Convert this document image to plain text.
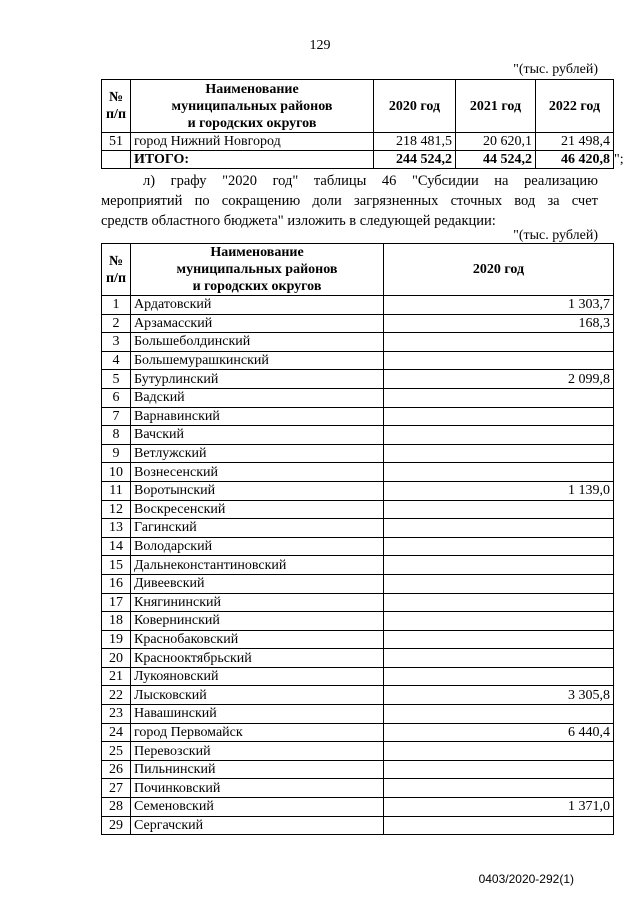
129
"(тыс. рублей)
№
п/п	Наименование
муниципальных районов
и городских округов	2020 год	2021 год	2022 год
51	город Нижний Новгород	218 481,5	20 620,1	21 498,4
	ИТОГО:	244 524,2	44 524,2	46 420,8 ";
л) графу "2020 год" таблицы 46 "Субсидии на реализацию
мероприятий по сокращению доли загрязненных сточных вод за счет
средств областного бюджета" изложить в следующей редакции:
"(тыс. рублей)
№
п/п	Наименование
муниципальных районов
и городских округов	2020 год
1	Ардатовский	1 303,7
2	Арзамасский	168,3
3	Большеболдинский	
4	Большемурашкинский	
5	Бутурлинский	2 099,8
6	Вадский	
7	Варнавинский	
8	Вачский	
9	Ветлужский	
10	Вознесенский	
11	Воротынский	1 139,0
12	Воскресенский	
13	Гагинский	
14	Володарский	
15	Дальнеконстантиновский	
16	Дивеевский	
17	Княгининский	
18	Ковернинский	
19	Краснобаковский	
20	Краснооктябрьский	
21	Лукояновский	
22	Лысковский	3 305,8
23	Навашинский	
24	город Первомайск	6 440,4
25	Перевозский	
26	Пильнинский	
27	Починковский	
28	Семеновский	1 371,0
29	Сергачский	
0403/2020-292(1)
